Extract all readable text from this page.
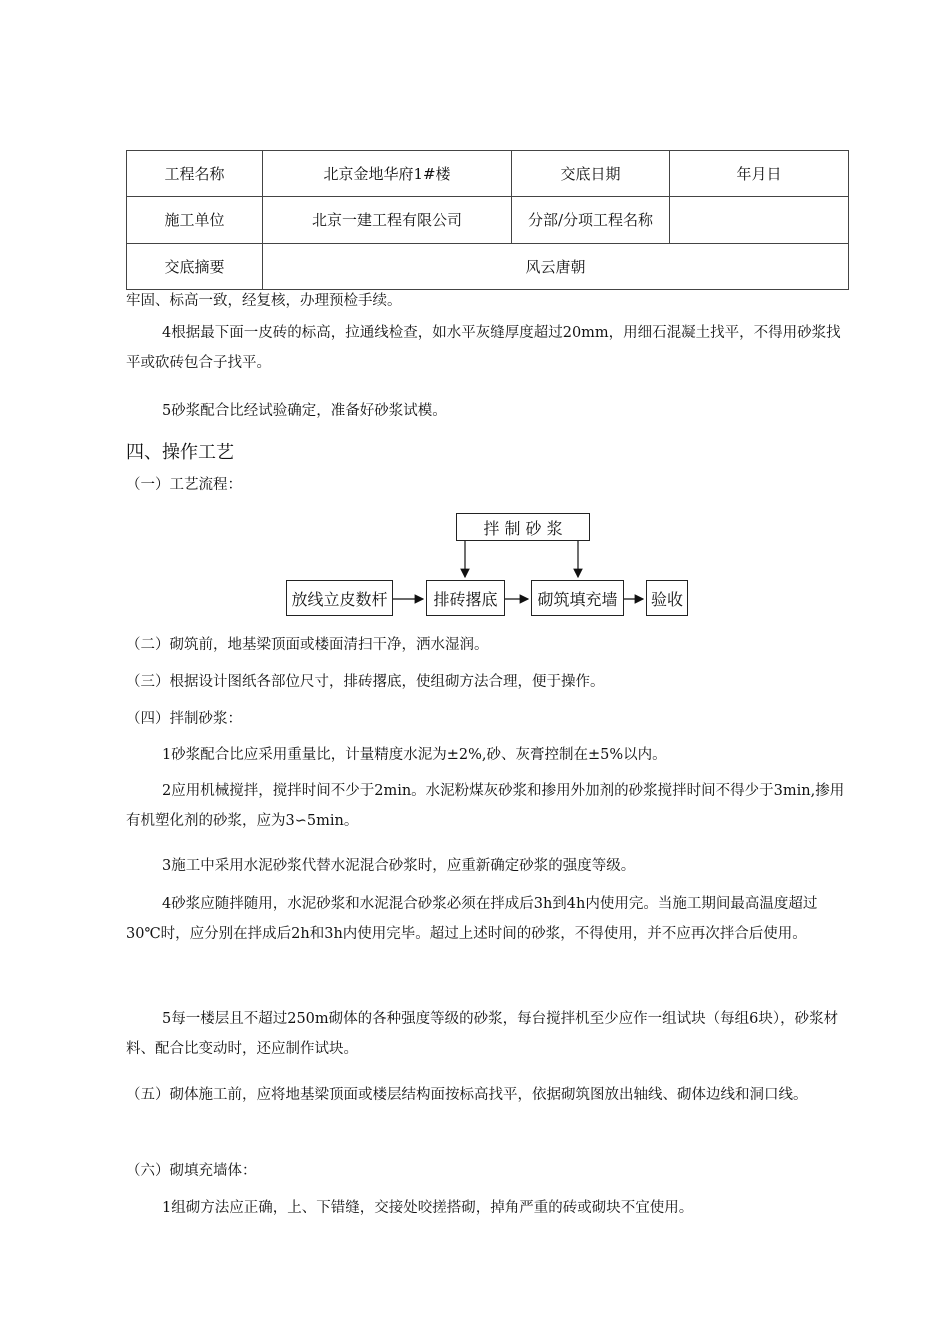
工程名称	北京金地华府1#楼	交底日期	年月日
施工单位	北京一建工程有限公司	分部/分项工程名称	
交底摘要	风云唐朝		

牢固、标高一致，经复核，办理预检手续。

4根据最下面一皮砖的标高，拉通线检查，如水平灰缝厚度超过20mm，用细石混凝土找平，不得用砂浆找平或砍砖包合子找平。

5砂浆配合比经试验确定，准备好砂浆试模。

四、操作工艺

（一）工艺流程：

拌 制 砂 浆
放线立皮数杆	排砖撂底	砌筑填充墙	验收

（二）砌筑前，地基梁顶面或楼面清扫干净，洒水湿润。

（三）根据设计图纸各部位尺寸，排砖撂底，使组砌方法合理，便于操作。

（四）拌制砂浆：

1砂浆配合比应采用重量比，计量精度水泥为±2%,砂、灰膏控制在±5%以内。

2应用机械搅拌，搅拌时间不少于2min。水泥粉煤灰砂浆和掺用外加剂的砂浆搅拌时间不得少于3min,掺用有机塑化剂的砂浆，应为3∽5min。

3施工中采用水泥砂浆代替水泥混合砂浆时，应重新确定砂浆的强度等级。

4砂浆应随拌随用，水泥砂浆和水泥混合砂浆必须在拌成后3h到4h内使用完。当施工期间最高温度超过30℃时，应分别在拌成后2h和3h内使用完毕。超过上述时间的砂浆，不得使用，并不应再次拌合后使用。

5每一楼层且不超过250m砌体的各种强度等级的砂浆，每台搅拌机至少应作一组试块（每组6块），砂浆材料、配合比变动时，还应制作试块。

（五）砌体施工前，应将地基梁顶面或楼层结构面按标高找平，依据砌筑图放出轴线、砌体边线和洞口线。

（六）砌填充墙体：

1组砌方法应正确，上、下错缝，交接处咬搓搭砌，掉角严重的砖或砌块不宜使用。
